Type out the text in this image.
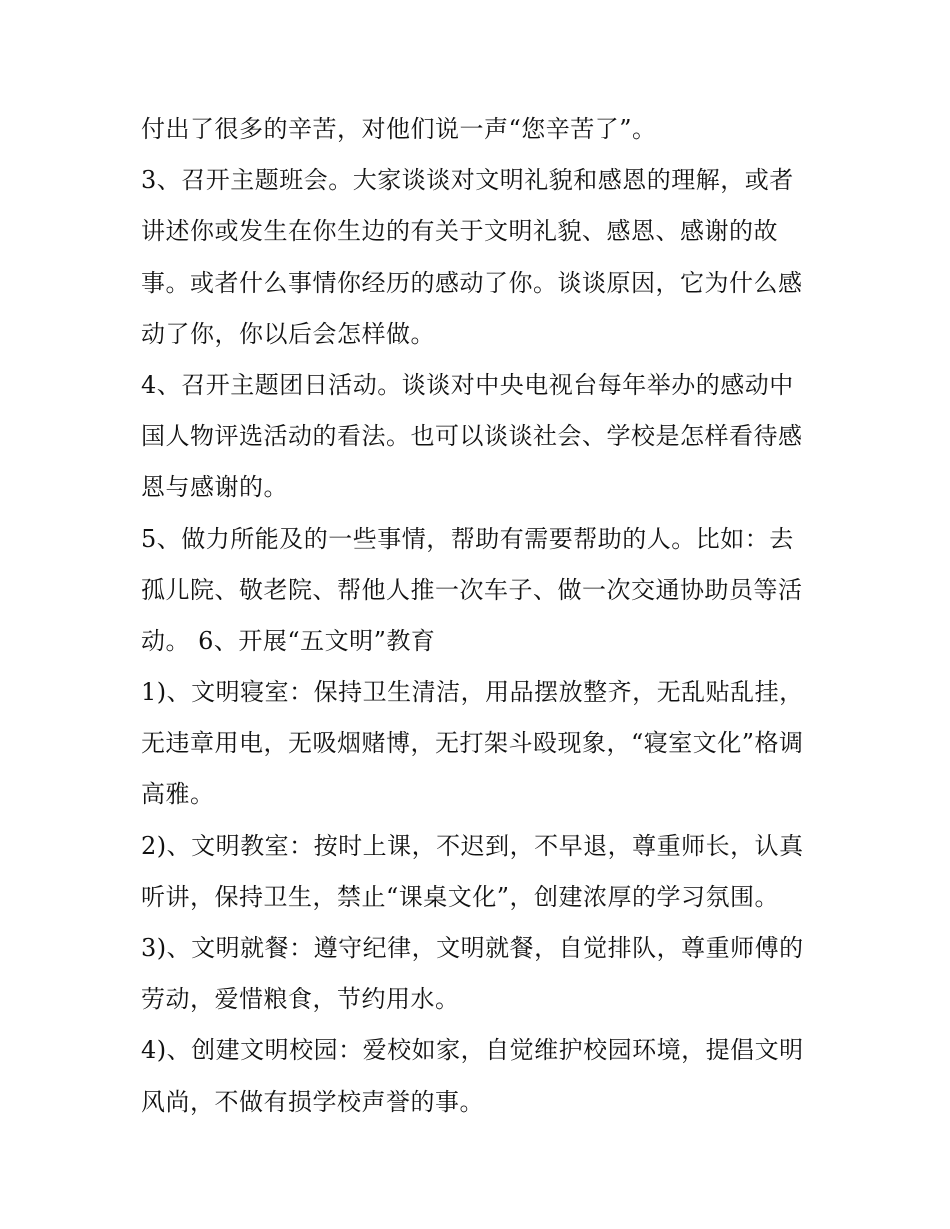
付出了很多的辛苦，对他们说一声“您辛苦了”。
3、召开主题班会。大家谈谈对文明礼貌和感恩的理解，或者
讲述你或发生在你生边的有关于文明礼貌、感恩、感谢的故
事。或者什么事情你经历的感动了你。谈谈原因，它为什么感
动了你，你以后会怎样做。
4、召开主题团日活动。谈谈对中央电视台每年举办的感动中
国人物评选活动的看法。也可以谈谈社会、学校是怎样看待感
恩与感谢的。
5、做力所能及的一些事情，帮助有需要帮助的人。比如：去
孤儿院、敬老院、帮他人推一次车子、做一次交通协助员等活
动。 6、开展“五文明”教育
1)、文明寝室：保持卫生清洁，用品摆放整齐，无乱贴乱挂，
无违章用电，无吸烟赌博，无打架斗殴现象，“寝室文化”格调
高雅。
2)、文明教室：按时上课，不迟到，不早退，尊重师长，认真
听讲，保持卫生，禁止“课桌文化”，创建浓厚的学习氛围。
3)、文明就餐：遵守纪律，文明就餐，自觉排队，尊重师傅的
劳动，爱惜粮食，节约用水。
4)、创建文明校园：爱校如家，自觉维护校园环境，提倡文明
风尚，不做有损学校声誉的事。
